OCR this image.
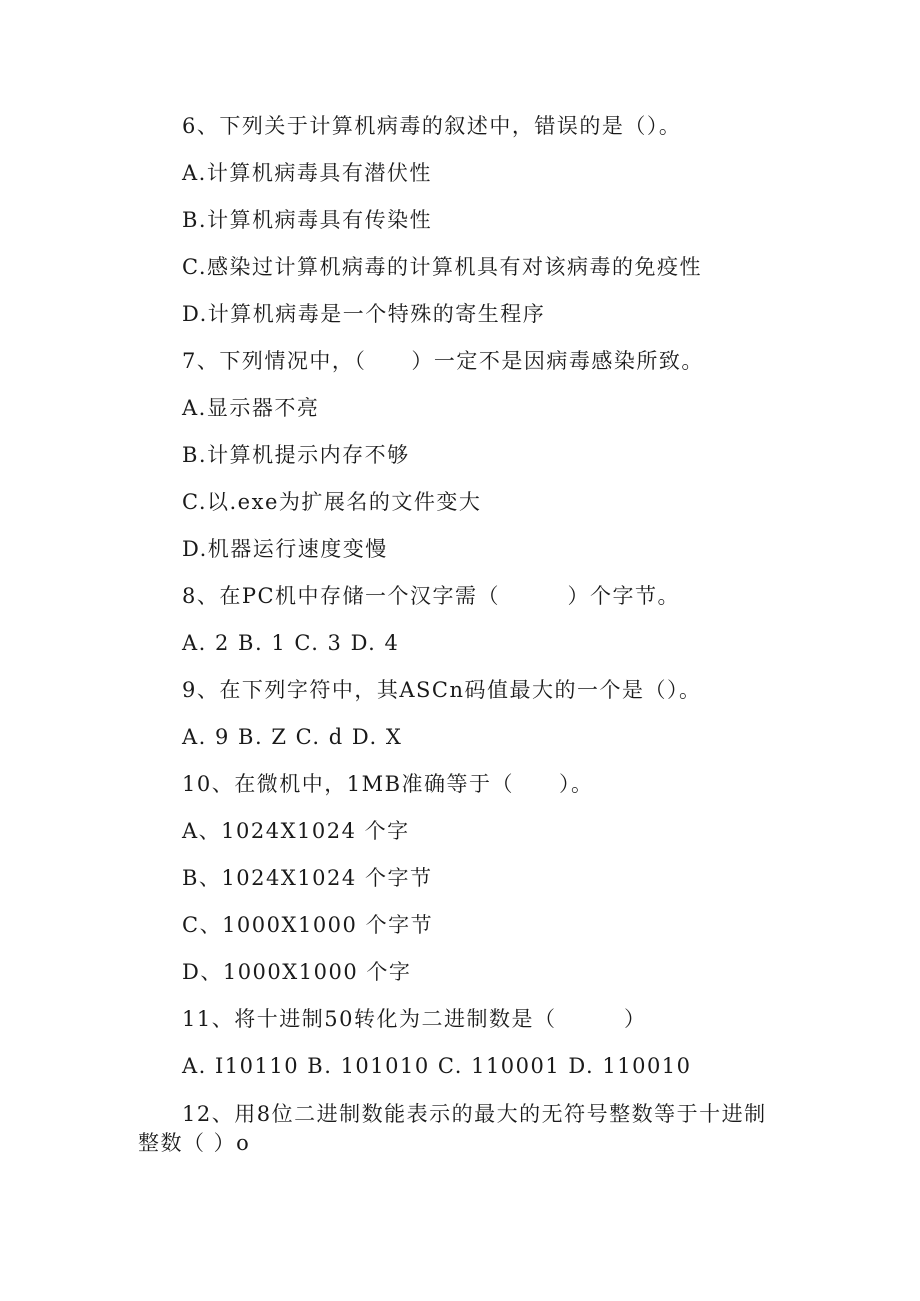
6、下列关于计算机病毒的叙述中，错误的是（）。
A.计算机病毒具有潜伏性
B.计算机病毒具有传染性
C.感染过计算机病毒的计算机具有对该病毒的免疫性
D.计算机病毒是一个特殊的寄生程序
7、下列情况中，（　　）一定不是因病毒感染所致。
A.显示器不亮
B.计算机提示内存不够
C.以.exe为扩展名的文件变大
D.机器运行速度变慢
8、在PC机中存储一个汉字需（　　　）个字节。
A. 2 B. 1 C. 3 D. 4
9、在下列字符中，其ASCn码值最大的一个是（）。
A. 9 B. Z C. d D. X
10、在微机中，1MB准确等于（　　）。
A、1024X1024 个字
B、1024X1024 个字节
C、1000X1000 个字节
D、1000X1000 个字
11、将十进制50转化为二进制数是（　　　）
A. I10110 B. 101010 C. 110001 D. 110010
12、用8位二进制数能表示的最大的无符号整数等于十进制
整数（ ）o
